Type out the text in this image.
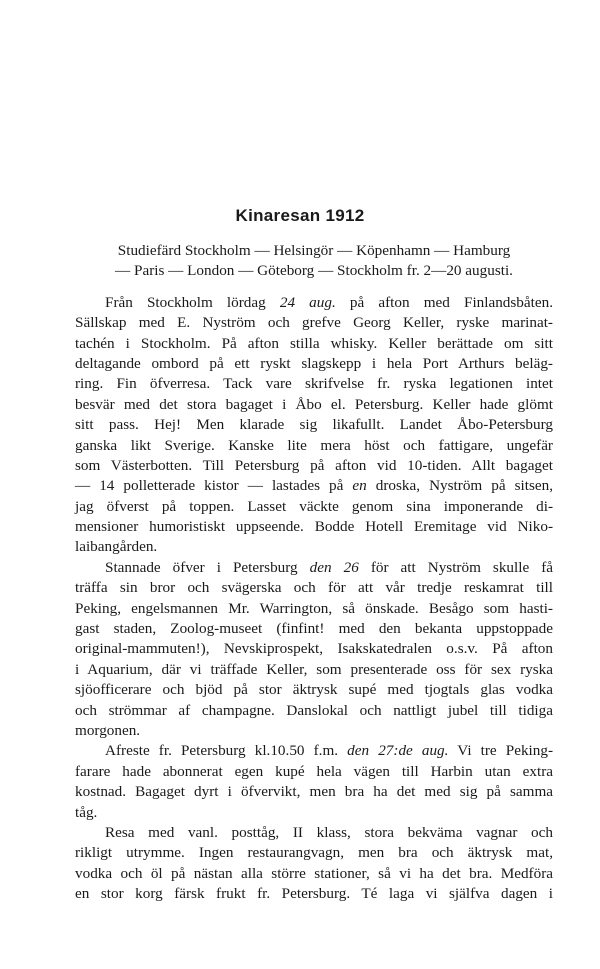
Kinaresan 1912
Studiefärd Stockholm — Helsingör — Köpenhamn — Hamburg
— Paris — London — Göteborg — Stockholm fr. 2—20 augusti.
Från Stockholm lördag 24 aug. på afton med Finlandsbåten.
Sällskap med E. Nyström och grefve Georg Keller, ryske marinat-
tachén i Stockholm. På afton stilla whisky. Keller berättade om sitt
deltagande ombord på ett ryskt slagskepp i hela Port Arthurs beläg-
ring. Fin öfverresa. Tack vare skrifvelse fr. ryska legationen intet
besvär med det stora bagaget i Åbo el. Petersburg. Keller hade glömt
sitt pass. Hej! Men klarade sig likafullt. Landet Åbo-Petersburg
ganska likt Sverige. Kanske lite mera höst och fattigare, ungefär
som Västerbotten. Till Petersburg på afton vid 10-tiden. Allt bagaget
— 14 polletterade kistor — lastades på en droska, Nyström på sitsen,
jag öfverst på toppen. Lasset väckte genom sina imponerande di-
mensioner humoristiskt uppseende. Bodde Hotell Eremitage vid Niko-
laibangården.
Stannade öfver i Petersburg den 26 för att Nyström skulle få
träffa sin bror och svägerska och för att vår tredje reskamrat till
Peking, engelsmannen Mr. Warrington, så önskade. Besågo som hasti-
gast staden, Zoolog-museet (finfint! med den bekanta uppstoppade
original-mammuten!), Nevskiprospekt, Isakskatedralen o.s.v. På afton
i Aquarium, där vi träffade Keller, som presenterade oss för sex ryska
sjöofficerare och bjöd på stor äktrysk supé med tjogtals glas vodka
och strömmar af champagne. Danslokal och nattligt jubel till tidiga
morgonen.
Afreste fr. Petersburg kl.10.50 f.m. den 27:de aug. Vi tre Peking-
farare hade abonnerat egen kupé hela vägen till Harbin utan extra
kostnad. Bagaget dyrt i öfvervikt, men bra ha det med sig på samma
tåg.
Resa med vanl. posttåg, II klass, stora bekväma vagnar och
rikligt utrymme. Ingen restaurangvagn, men bra och äktrysk mat,
vodka och öl på nästan alla större stationer, så vi ha det bra. Medföra
en stor korg färsk frukt fr. Petersburg. Té laga vi själfva dagen i
